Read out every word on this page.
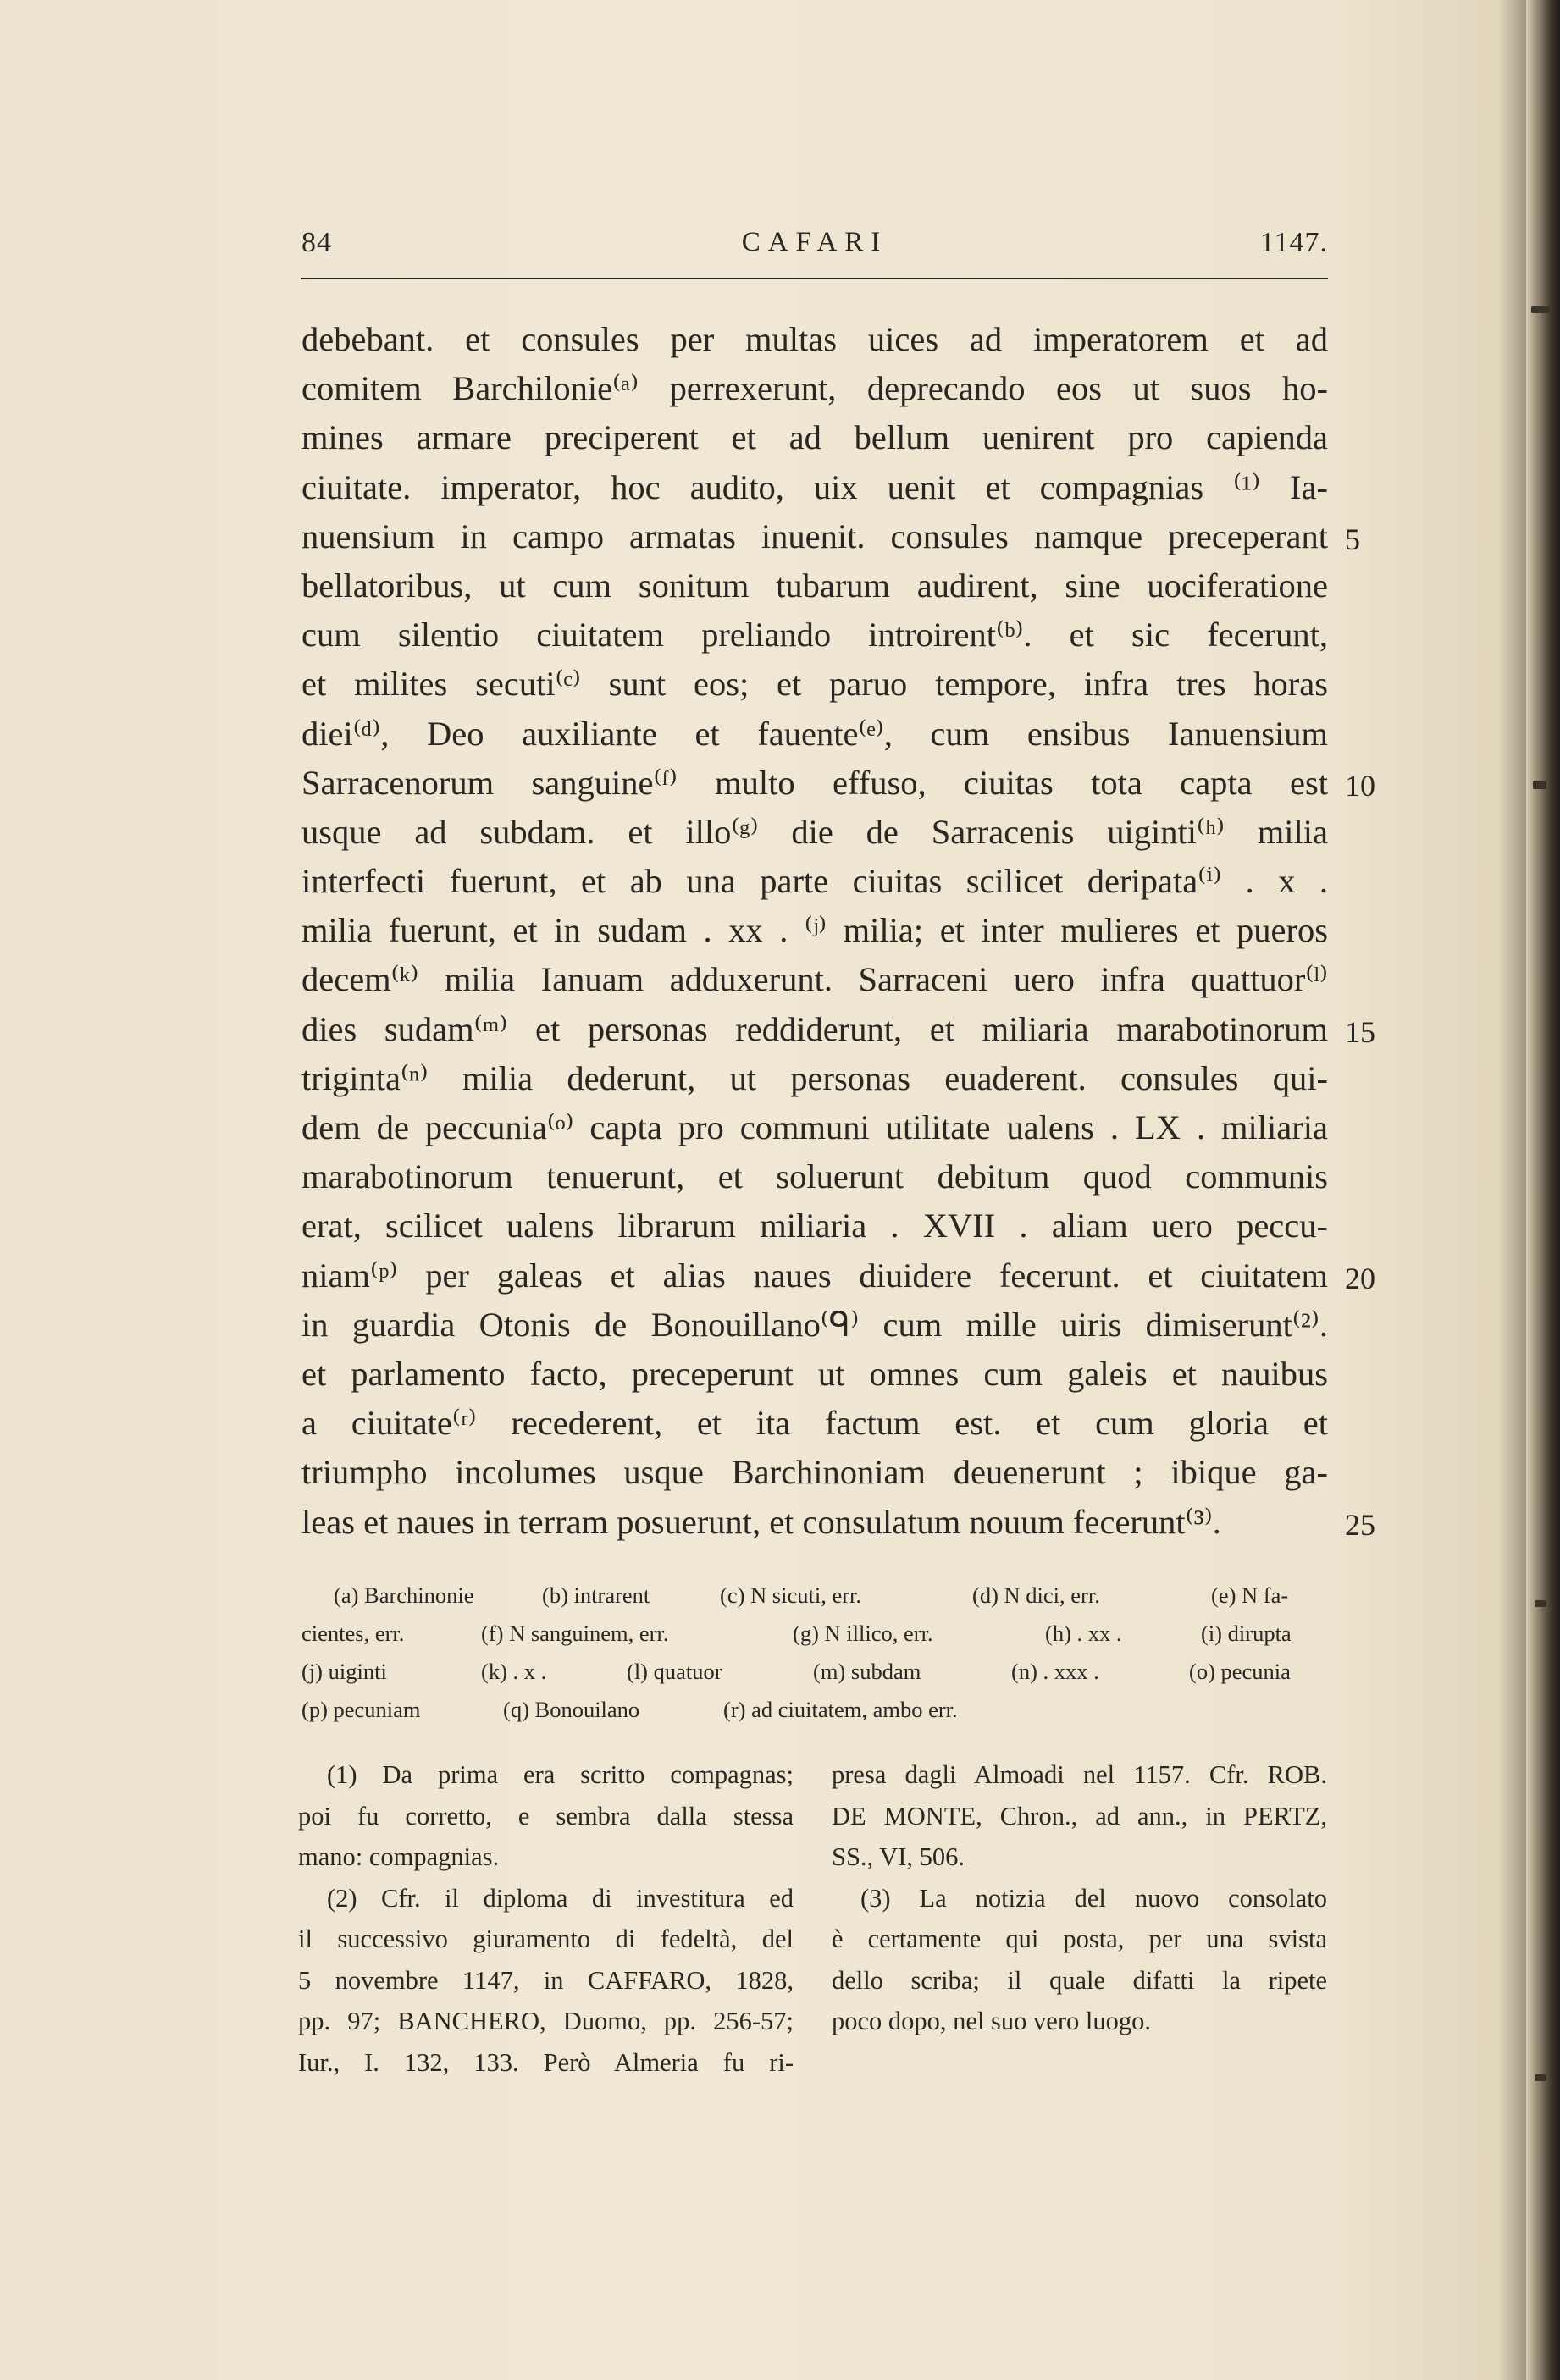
84	CAFARI	1147.
debebant. et consules per multas uices ad imperatorem et ad
comitem Barchilonie⁽ᵃ⁾ perrexerunt, deprecando eos ut suos ho-
mines armare preciperent et ad bellum uenirent pro capienda
ciuitate. imperator, hoc audito, uix uenit et compagnias ⁽¹⁾ Ia-
nuensium in campo armatas inuenit. consules namque preceperant
bellatoribus, ut cum sonitum tubarum audirent, sine uociferatione
cum silentio ciuitatem preliando introirent⁽ᵇ⁾. et sic fecerunt,
et milites secuti⁽ᶜ⁾ sunt eos; et paruo tempore, infra tres horas
diei⁽ᵈ⁾, Deo auxiliante et fauente⁽ᵉ⁾, cum ensibus Ianuensium
Sarracenorum sanguine⁽ᶠ⁾ multo effuso, ciuitas tota capta est
usque ad subdam. et illo⁽ᵍ⁾ die de Sarracenis uiginti⁽ʰ⁾ milia
interfecti fuerunt, et ab una parte ciuitas scilicet deripata⁽ⁱ⁾ . x .
milia fuerunt, et in sudam . xx . ⁽ʲ⁾ milia; et inter mulieres et pueros
decem⁽ᵏ⁾ milia Ianuam adduxerunt. Sarraceni uero infra quattuor⁽ˡ⁾
dies sudam⁽ᵐ⁾ et personas reddiderunt, et miliaria marabotinorum
triginta⁽ⁿ⁾ milia dederunt, ut personas euaderent. consules qui-
dem de peccunia⁽ᵒ⁾ capta pro communi utilitate ualens . LX . miliaria
marabotinorum tenuerunt, et soluerunt debitum quod communis
erat, scilicet ualens librarum miliaria . XVII . aliam uero peccu-
niam⁽ᵖ⁾ per galeas et alias naues diuidere fecerunt. et ciuitatem
in guardia Otonis de Bonouillano⁽ᑫ⁾ cum mille uiris dimiserunt⁽²⁾.
et parlamento facto, preceperunt ut omnes cum galeis et nauibus
a ciuitate⁽ʳ⁾ recederent, et ita factum est. et cum gloria et
triumpho incolumes usque Barchinoniam deuenerunt ; ibique ga-
leas et naues in terram posuerunt, et consulatum nouum fecerunt⁽³⁾.
5
10
15
20
25
(a) Barchinonie	(b) intrarent	(c) N sicuti, err.	(d) N dici, err.	(e) N fa-
cientes, err.	(f) N sanguinem, err.	(g) N illico, err.	(h) . xx .	(i) dirupta
(j) uiginti	(k) . x .	(l) quatuor	(m) subdam	(n) . xxx .	(o) pecunia
(p) pecuniam	(q) Bonouilano	(r) ad ciuitatem, ambo err.
(1) Da prima era scritto compagnas;
poi fu corretto, e sembra dalla stessa
mano: compagnias.
(2) Cfr. il diploma di investitura ed
il successivo giuramento di fedeltà, del
5 novembre 1147, in CAFFARO, 1828,
pp. 97; BANCHERO, Duomo, pp. 256-57;
Iur., I. 132, 133. Però Almeria fu ri-
presa dagli Almoadi nel 1157. Cfr. ROB.
DE MONTE, Chron., ad ann., in PERTZ,
SS., VI, 506.
(3) La notizia del nuovo consolato
è certamente qui posta, per una svista
dello scriba; il quale difatti la ripete
poco dopo, nel suo vero luogo.
